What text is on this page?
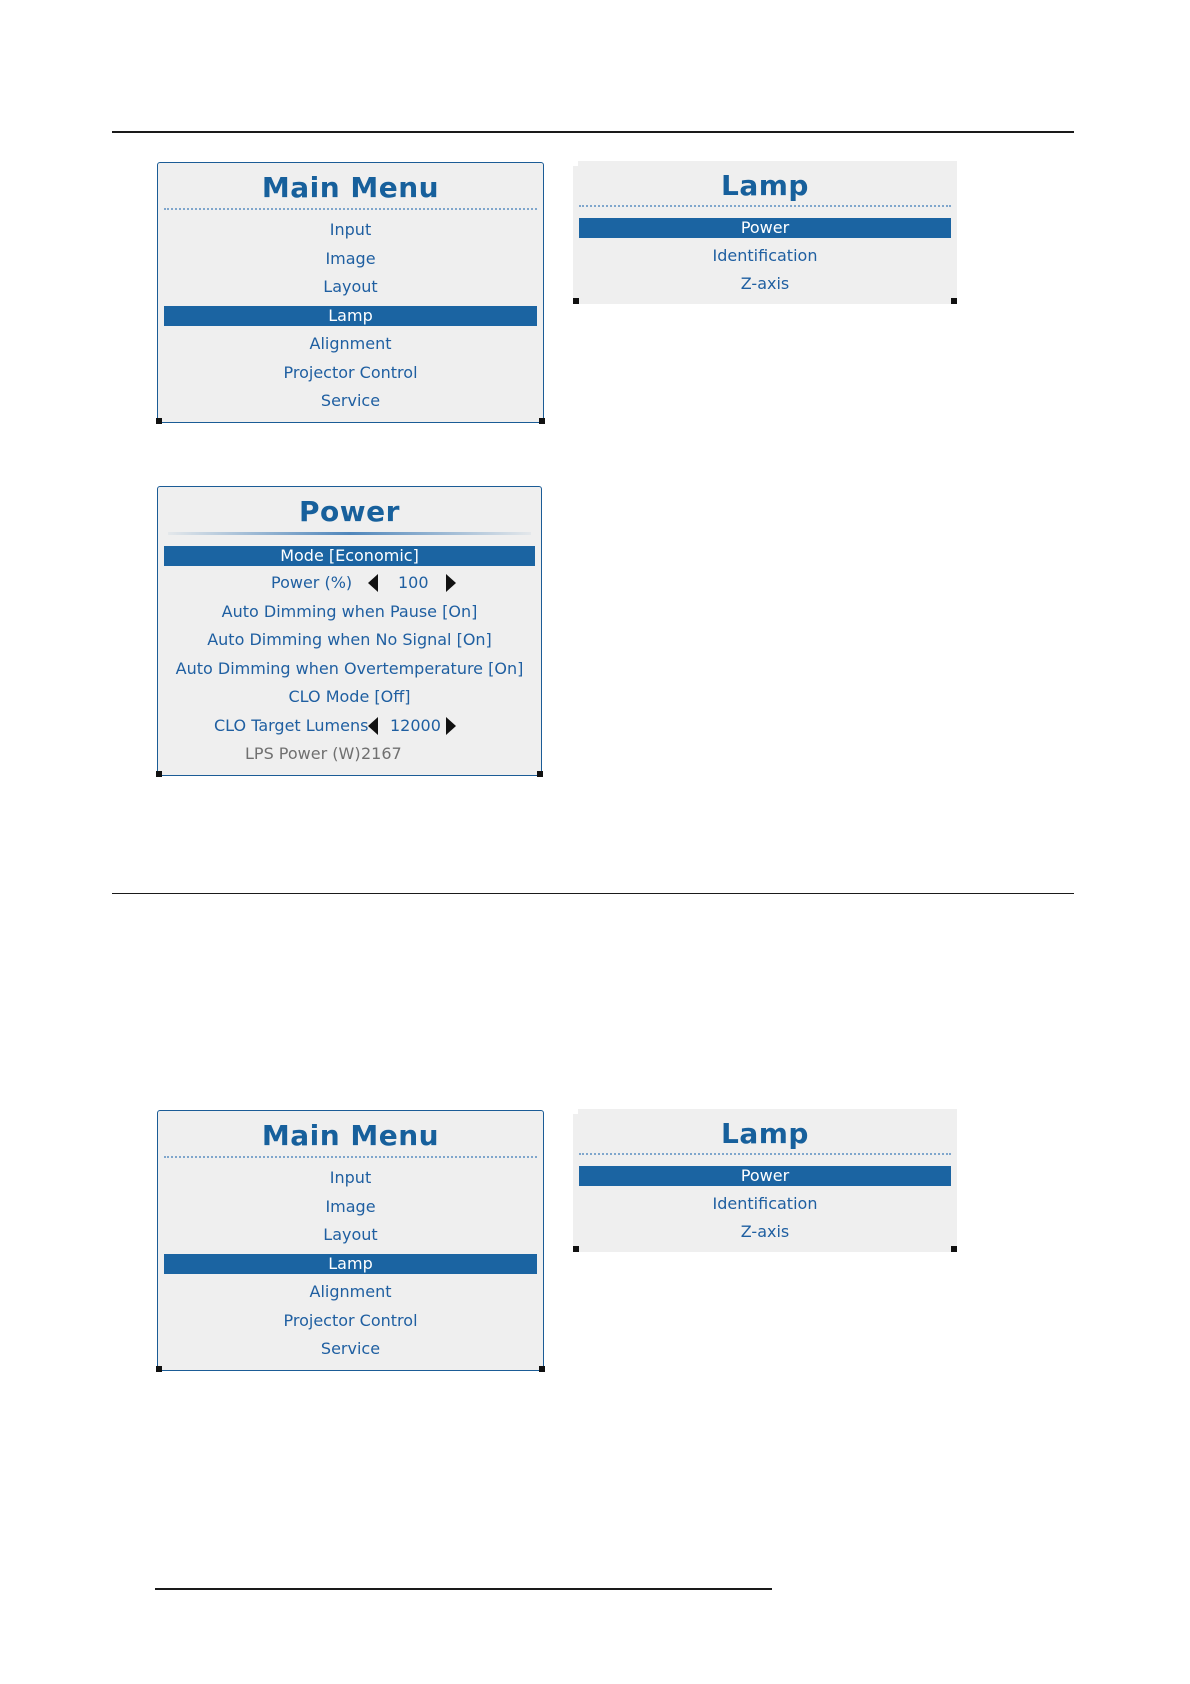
Main Menu
Input
Image
Layout
Lamp
Alignment
Projector Control
Service
Lamp
Power
Identification
Z-axis
Power
Mode [Economic]
Power (%)	100
Auto Dimming when Pause [On]
Auto Dimming when No Signal [On]
Auto Dimming when Overtemperature [On]
CLO Mode [Off]
CLO Target Lumens 12000
LPS Power (W) 2167
Main Menu
Input
Image
Layout
Lamp
Alignment
Projector Control
Service
Lamp
Power
Identification
Z-axis
